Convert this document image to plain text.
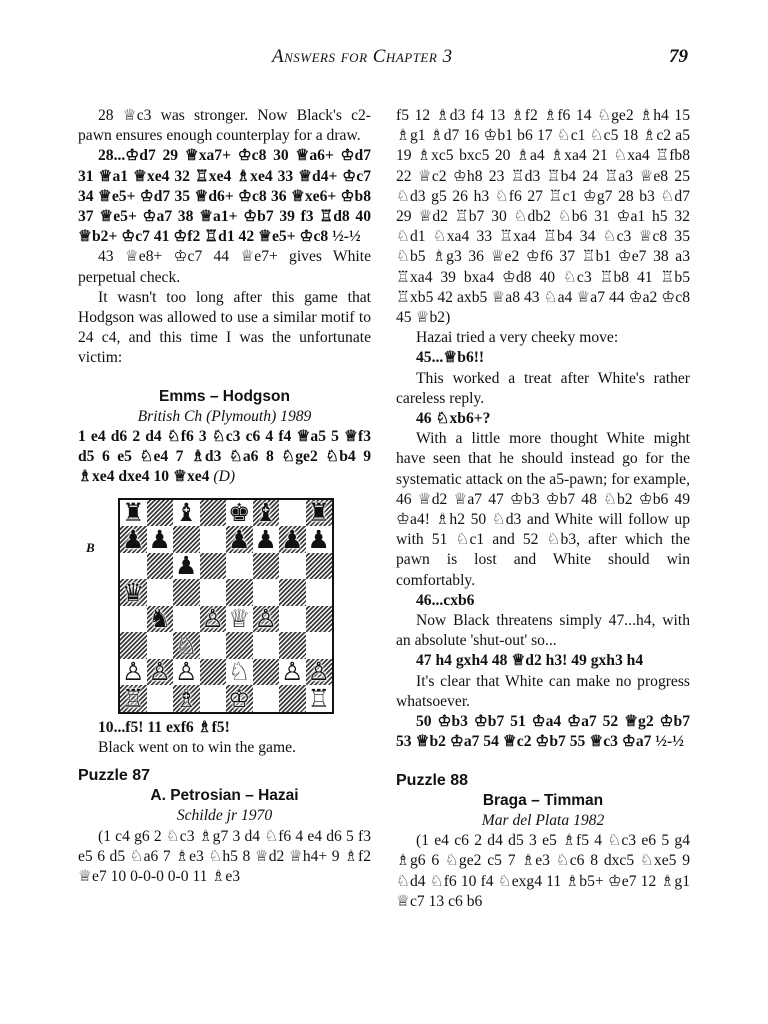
Answers for Chapter 3	79

28 ♕c3 was stronger. Now Black's c2-pawn ensures enough counterplay for a draw.

28...♔d7 29 ♕xa7+ ♔c8 30 ♕a6+ ♔d7 31 ♕a1 ♕xe4 32 ♖xe4 ♗xe4 33 ♕d4+ ♔c7 34 ♕e5+ ♔d7 35 ♕d6+ ♔c8 36 ♕xe6+ ♔b8 37 ♕e5+ ♔a7 38 ♕a1+ ♔b7 39 f3 ♖d8 40 ♕b2+ ♔c7 41 ♔f2 ♖d1 42 ♕e5+ ♔c8 ½-½

43 ♕e8+ ♔c7 44 ♕e7+ gives White perpetual check.

It wasn't too long after this game that Hodgson was allowed to use a similar motif to 24 c4, and this time I was the unfortunate victim:

Emms – Hodgson

British Ch (Plymouth) 1989

1 e4 d6 2 d4 ♘f6 3 ♘c3 c6 4 f4 ♕a5 5 ♕f3 d5 6 e5 ♘e4 7 ♗d3 ♘a6 8 ♘ge2 ♘b4 9 ♗xe4 dxe4 10 ♕xe4 (D)

B
♜ ♝ ♚ ♝ ♜
♟ ♟ ♟ ♟ ♟ ♟
♟
♛
♞ ♙ ♕ ♙
♘
♙ ♙ ♙ ♘ ♙ ♙
♖ ♗ ♔ ♖

10...f5! 11 exf6 ♗f5!

Black went on to win the game.

Puzzle 87

A. Petrosian – Hazai

Schilde jr 1970

(1 c4 g6 2 ♘c3 ♗g7 3 d4 ♘f6 4 e4 d6 5 f3 e5 6 d5 ♘a6 7 ♗e3 ♘h5 8 ♕d2 ♕h4+ 9 ♗f2 ♕e7 10 0-0-0 0-0 11 ♗e3

f5 12 ♗d3 f4 13 ♗f2 ♗f6 14 ♘ge2 ♗h4 15 ♗g1 ♗d7 16 ♔b1 b6 17 ♘c1 ♘c5 18 ♗c2 a5 19 ♗xc5 bxc5 20 ♗a4 ♗xa4 21 ♘xa4 ♖fb8 22 ♕c2 ♔h8 23 ♖d3 ♖b4 24 ♖a3 ♕e8 25 ♘d3 g5 26 h3 ♘f6 27 ♖c1 ♔g7 28 b3 ♘d7 29 ♕d2 ♖b7 30 ♘db2 ♘b6 31 ♔a1 h5 32 ♘d1 ♘xa4 33 ♖xa4 ♖b4 34 ♘c3 ♕c8 35 ♘b5 ♗g3 36 ♕e2 ♔f6 37 ♖b1 ♔e7 38 a3 ♖xa4 39 bxa4 ♔d8 40 ♘c3 ♖b8 41 ♖b5 ♖xb5 42 axb5 ♕a8 43 ♘a4 ♕a7 44 ♔a2 ♔c8 45 ♕b2)

Hazai tried a very cheeky move:

45...♕b6!!

This worked a treat after White's rather careless reply.

46 ♘xb6+?

With a little more thought White might have seen that he should instead go for the systematic attack on the a5-pawn; for example, 46 ♕d2 ♕a7 47 ♔b3 ♔b7 48 ♘b2 ♔b6 49 ♔a4! ♗h2 50 ♘d3 and White will follow up with 51 ♘c1 and 52 ♘b3, after which the pawn is lost and White should win comfortably.

46...cxb6

Now Black threatens simply 47...h4, with an absolute 'shut-out' so...

47 h4 gxh4 48 ♕d2 h3! 49 gxh3 h4

It's clear that White can make no progress whatsoever.

50 ♔b3 ♔b7 51 ♔a4 ♔a7 52 ♕g2 ♔b7 53 ♕b2 ♔a7 54 ♕c2 ♔b7 55 ♕c3 ♔a7 ½-½

Puzzle 88

Braga – Timman

Mar del Plata 1982

(1 e4 c6 2 d4 d5 3 e5 ♗f5 4 ♘c3 e6 5 g4 ♗g6 6 ♘ge2 c5 7 ♗e3 ♘c6 8 dxc5 ♘xe5 9 ♘d4 ♘f6 10 f4 ♘exg4 11 ♗b5+ ♔e7 12 ♗g1 ♕c7 13 c6 b6
